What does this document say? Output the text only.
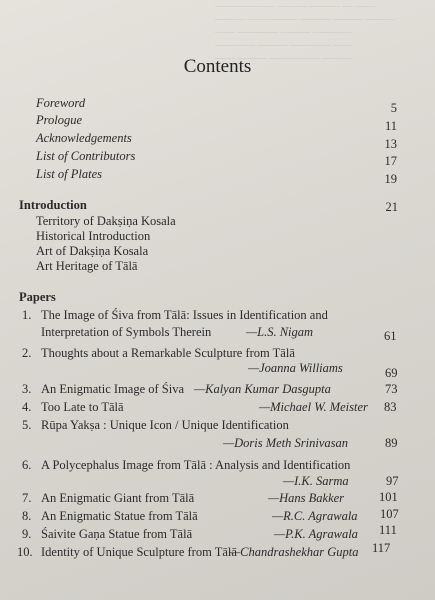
—————— ——— ——— — ——
——— ————— ——— ——— ———
—— ———— ——— ————
———— ——— ———— ——
—— ——— ————— ———
Contents
Foreword	5
Prologue	11
Acknowledgements	13
List of Contributors	17
List of Plates	19
Introduction	21
Territory of Dakṣiṇa Kosala
Historical Introduction
Art of Dakṣiṇa Kosala
Art Heritage of Tālā
Papers
1. The Image of Śiva from Tālā: Issues in Identification and
Interpretation of Symbols Therein	—L.S. Nigam	61
2. Thoughts about a Remarkable Sculpture from Tālā
—Joanna Williams	69
3. An Enigmatic Image of Śiva —Kalyan Kumar Dasgupta	73
4. Too Late to Tālā	—Michael W. Meister 83
5. Rūpa Yakṣa : Unique Icon / Unique Identification
—Doris Meth Srinivasan	89
6. A Polycephalus Image from Tālā : Analysis and Identification
—I.K. Sarma	97
7. An Enigmatic Giant from Tālā	—Hans Bakker	101
8. An Enigmatic Statue from Tālā	—R.C. Agrawala 107
9. Śaivite Gaṇa Statue from Tālā	—P.K. Agrawala 111
10. Identity of Unique Sculpture from Tālā
—Chandrashekhar Gupta 117
